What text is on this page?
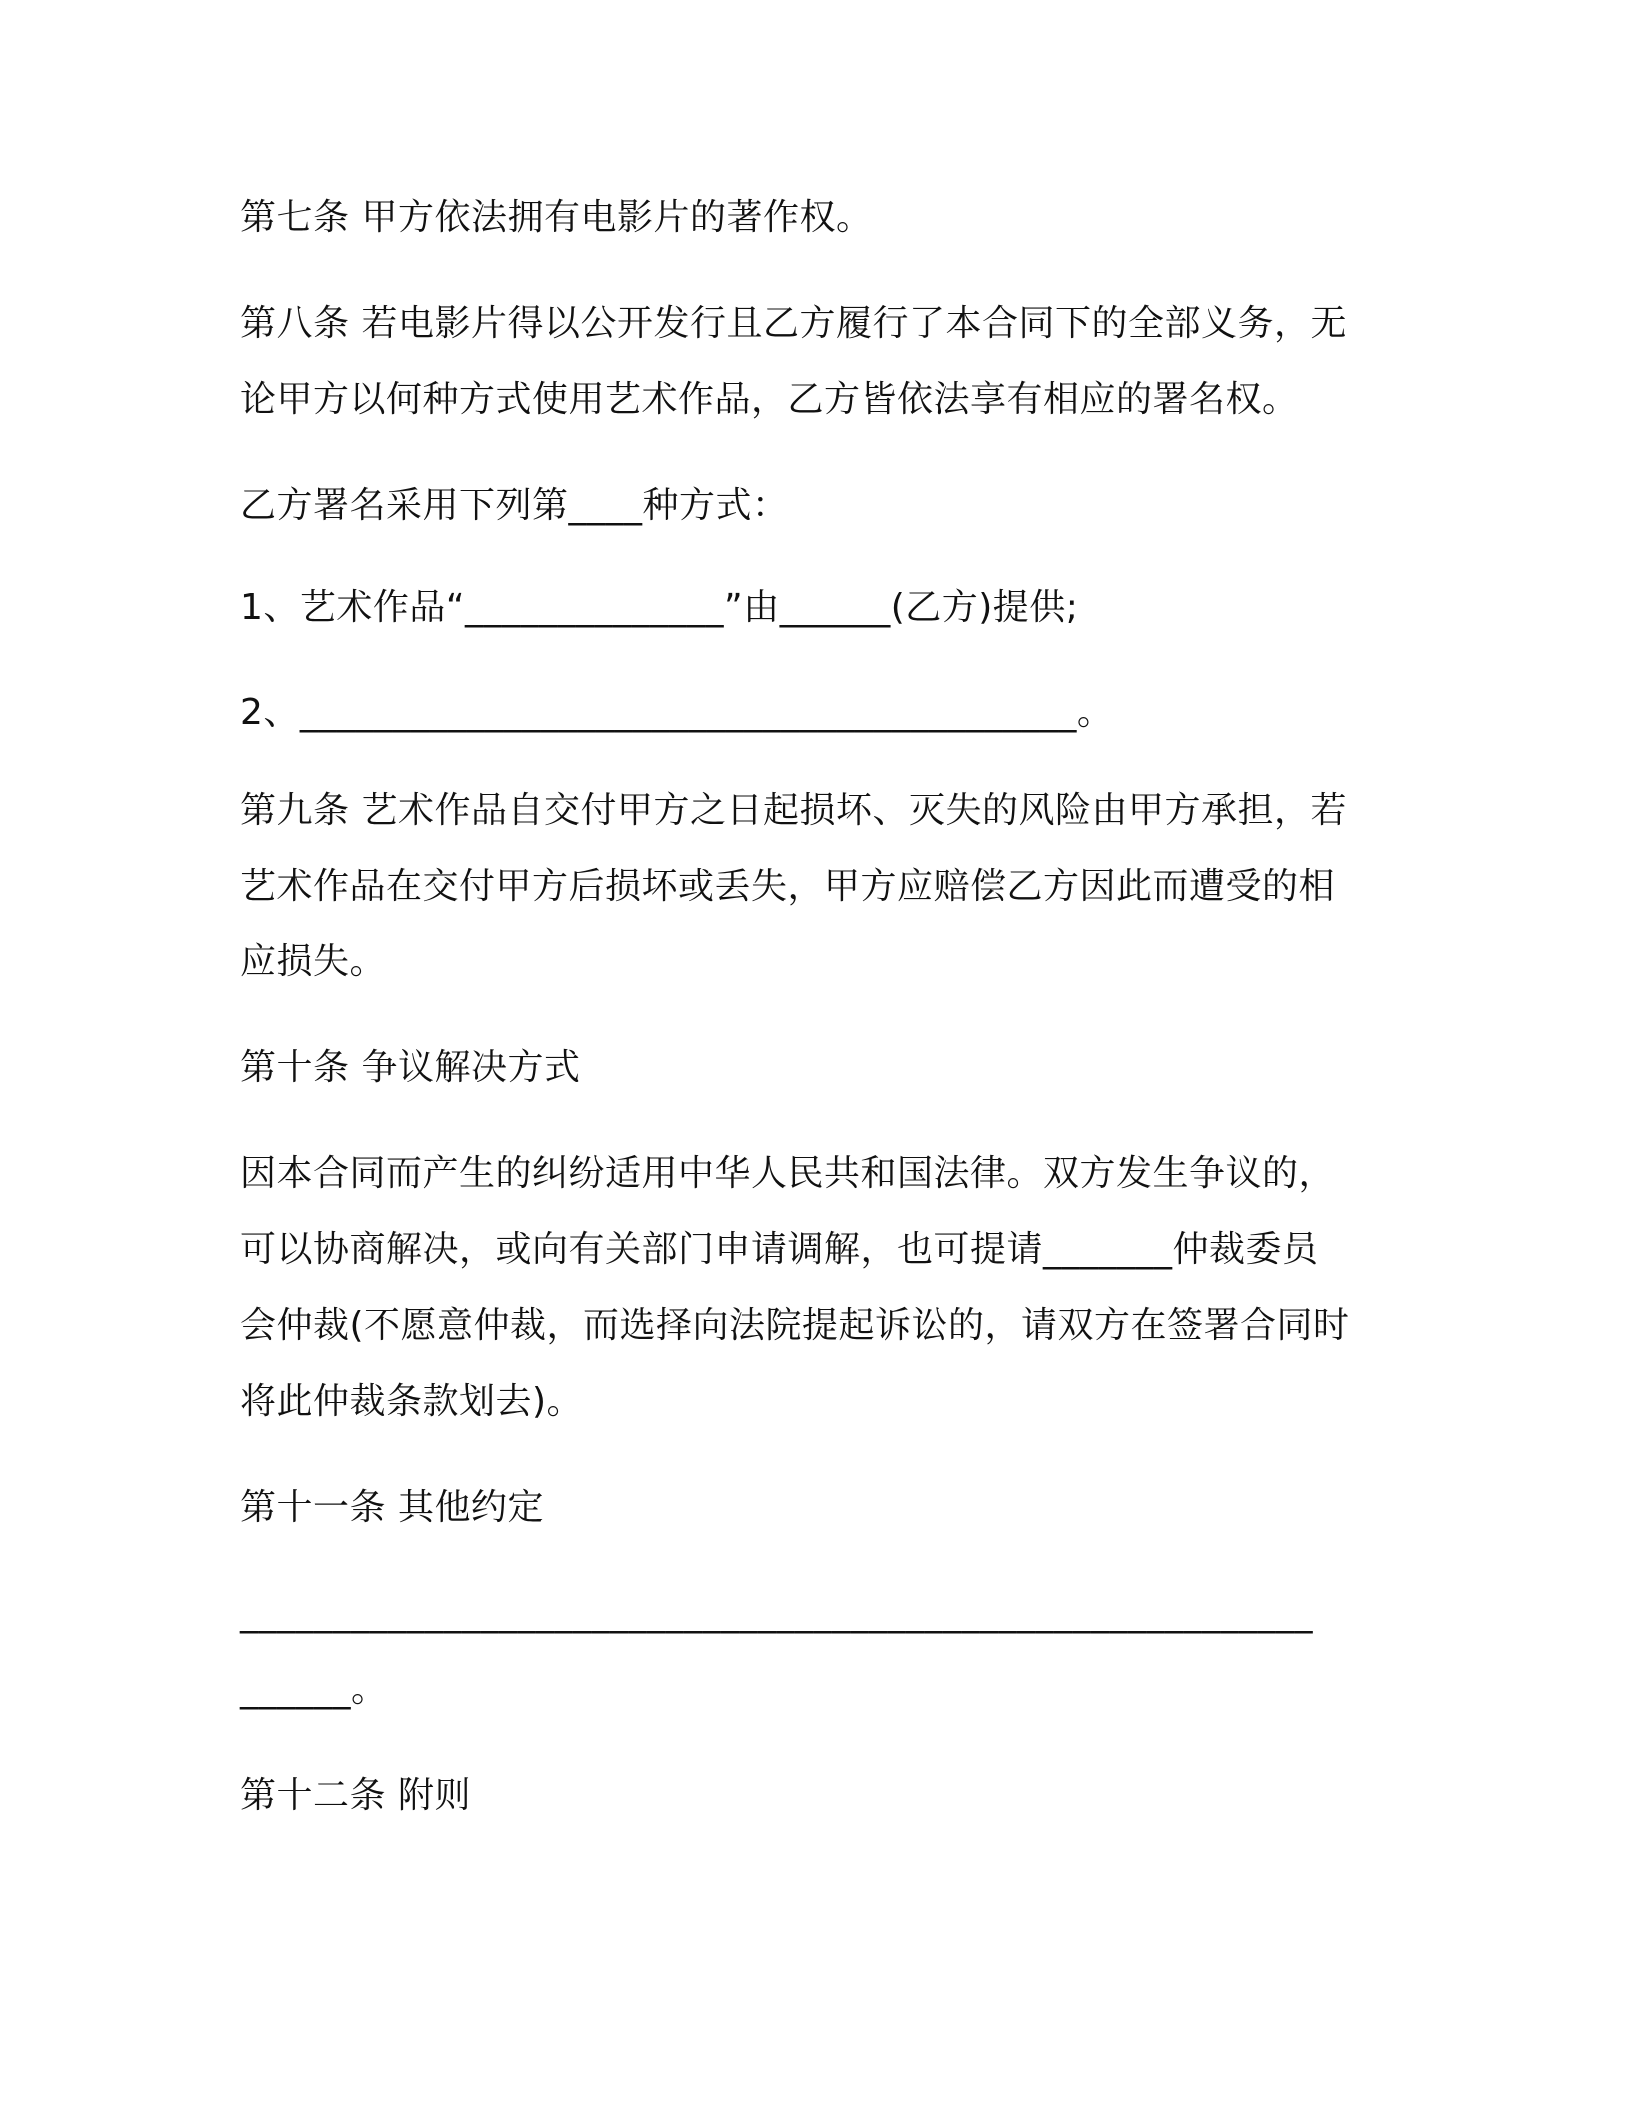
第七条 甲方依法拥有电影片的著作权。

第八条 若电影片得以公开发行且乙方履行了本合同下的全部义务，无

论甲方以何种方式使用艺术作品，乙方皆依法享有相应的署名权。

乙方署名采用下列第____种方式：

1、艺术作品“______________”由______(乙方)提供;

2、__________________________________________。

第九条 艺术作品自交付甲方之日起损坏、灭失的风险由甲方承担，若

艺术作品在交付甲方后损坏或丢失，甲方应赔偿乙方因此而遭受的相

应损失。

第十条 争议解决方式

因本合同而产生的纠纷适用中华人民共和国法律。双方发生争议的，

可以协商解决，或向有关部门申请调解，也可提请_______仲裁委员

会仲裁(不愿意仲裁，而选择向法院提起诉讼的，请双方在签署合同时

将此仲裁条款划去)。

第十一条 其他约定

__________________________________________________________

______。

第十二条 附则
